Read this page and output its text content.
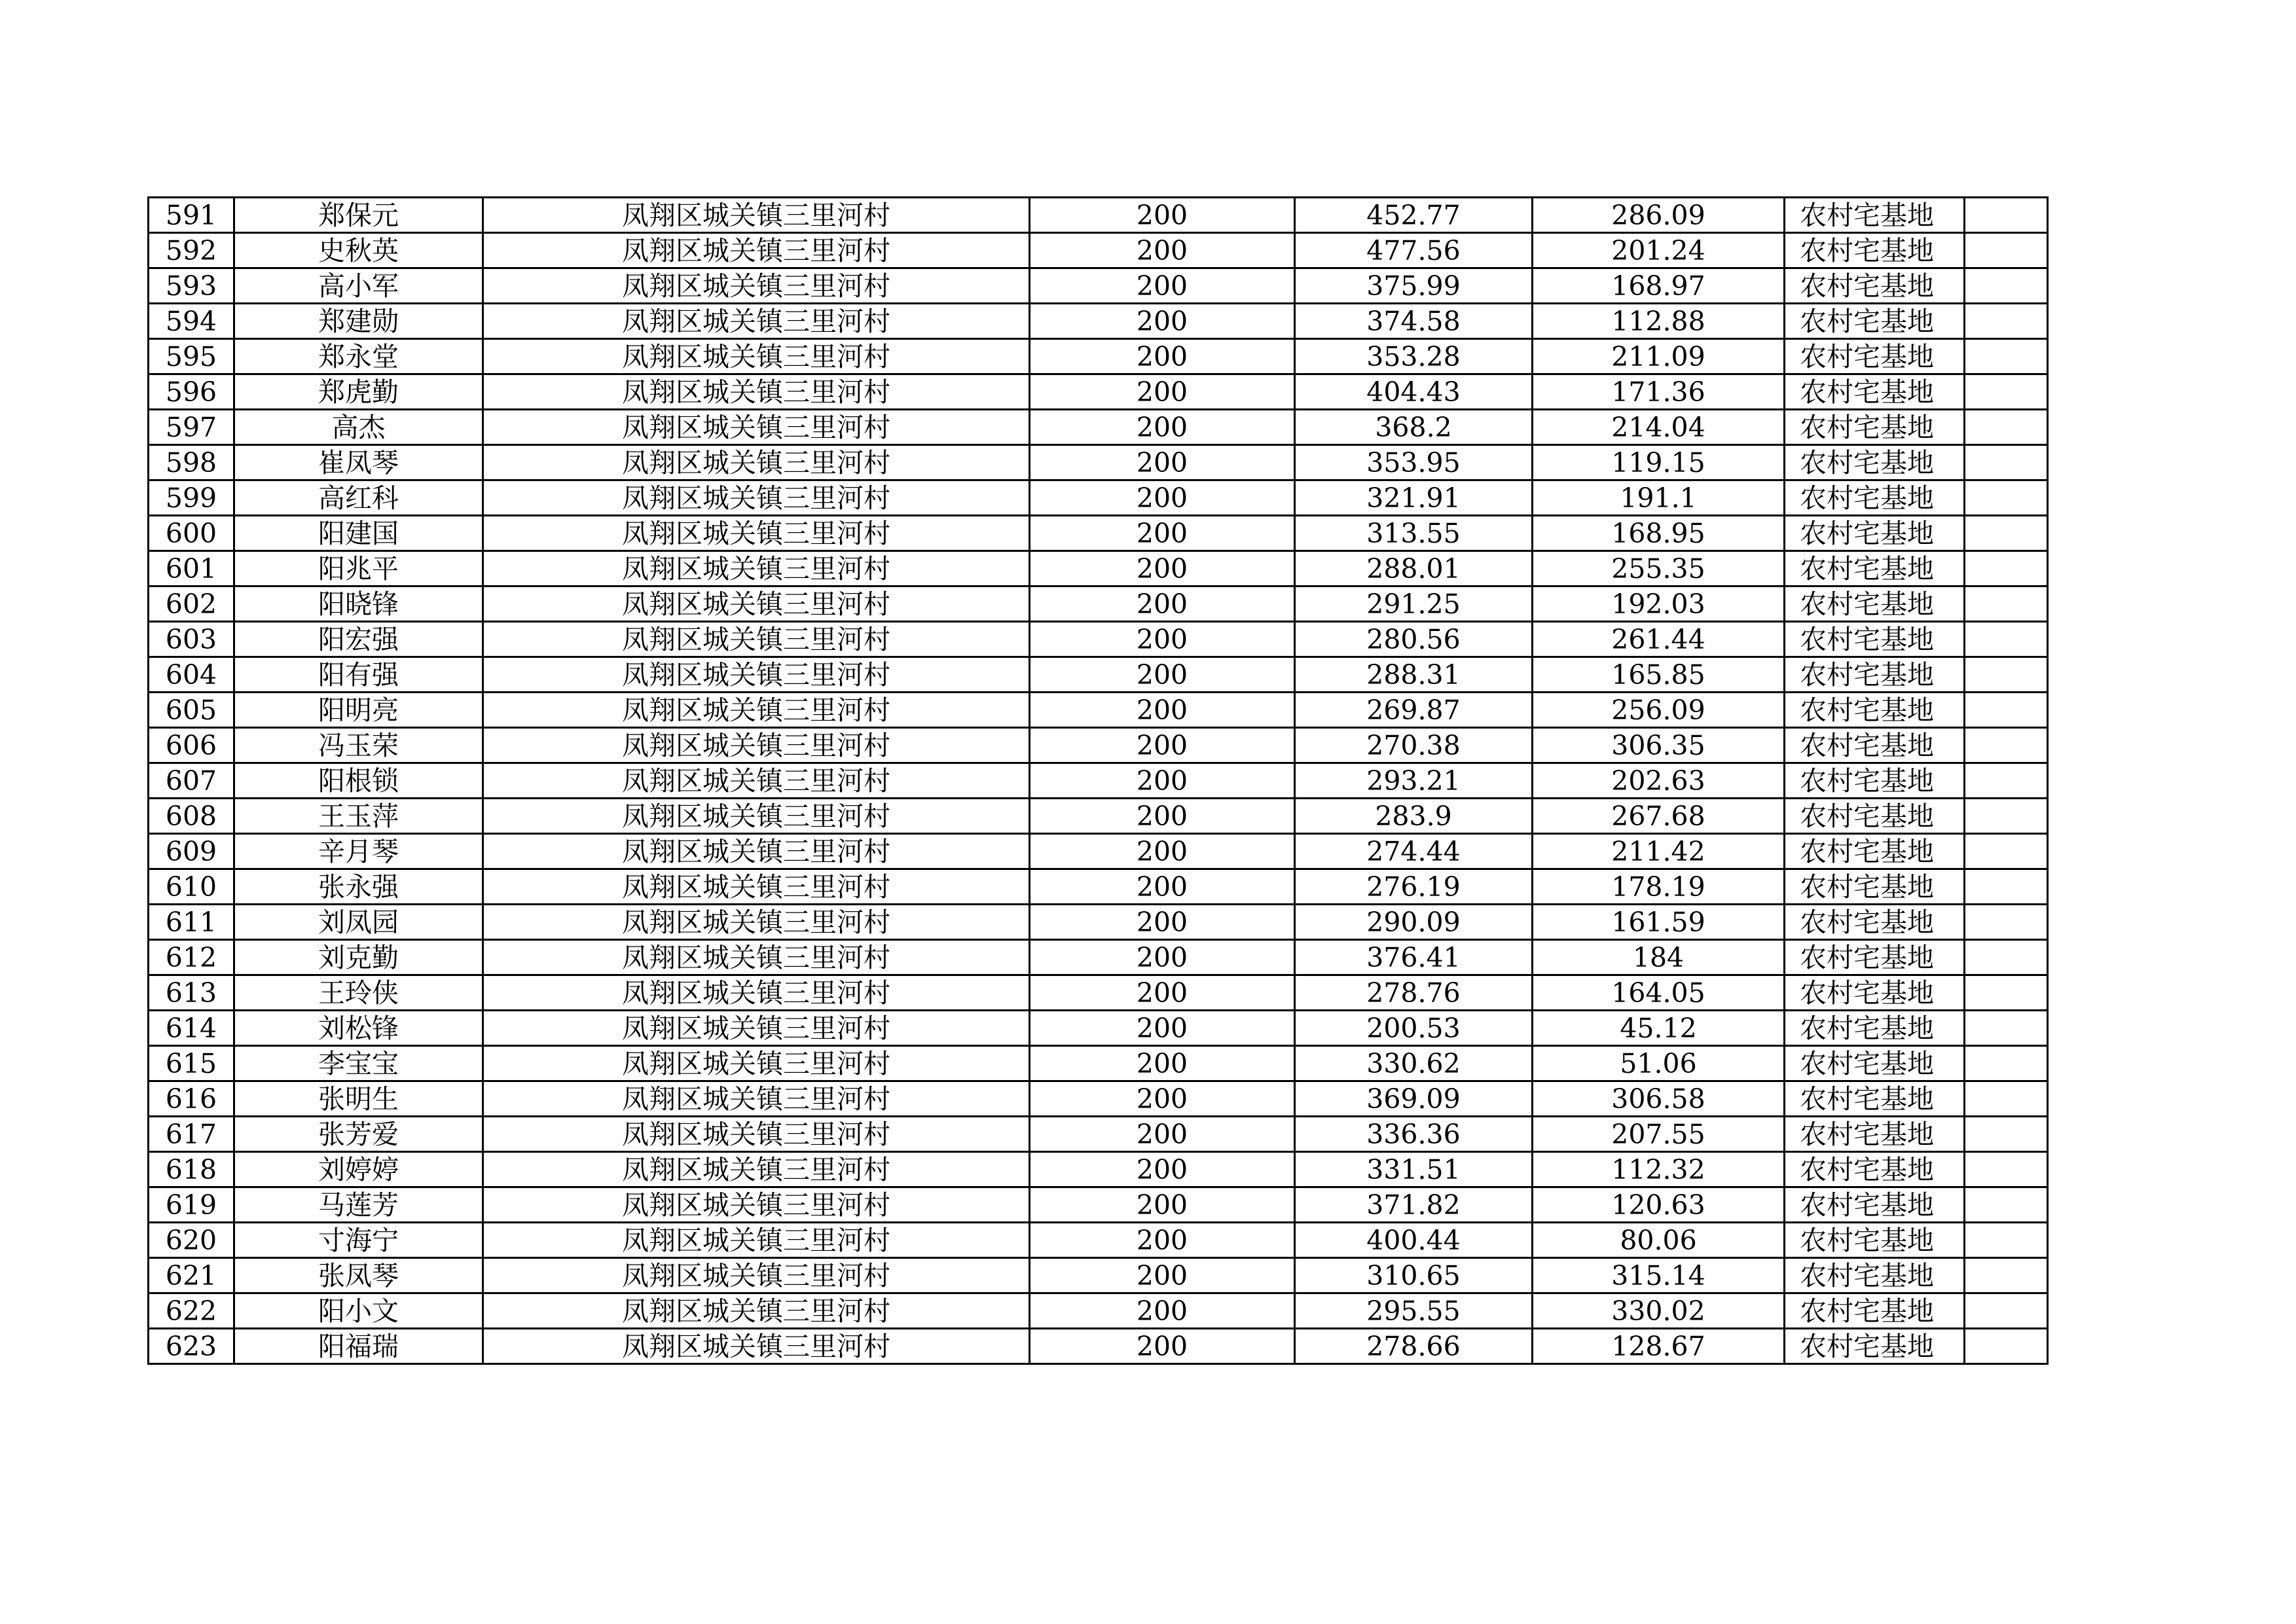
591	郑保元	凤翔区城关镇三里河村	200	452.77	286.09	农村宅基地	
592	史秋英	凤翔区城关镇三里河村	200	477.56	201.24	农村宅基地	
593	高小军	凤翔区城关镇三里河村	200	375.99	168.97	农村宅基地	
594	郑建勋	凤翔区城关镇三里河村	200	374.58	112.88	农村宅基地	
595	郑永堂	凤翔区城关镇三里河村	200	353.28	211.09	农村宅基地	
596	郑虎勤	凤翔区城关镇三里河村	200	404.43	171.36	农村宅基地	
597	高杰	凤翔区城关镇三里河村	200	368.2	214.04	农村宅基地	
598	崔凤琴	凤翔区城关镇三里河村	200	353.95	119.15	农村宅基地	
599	高红科	凤翔区城关镇三里河村	200	321.91	191.1	农村宅基地	
600	阳建国	凤翔区城关镇三里河村	200	313.55	168.95	农村宅基地	
601	阳兆平	凤翔区城关镇三里河村	200	288.01	255.35	农村宅基地	
602	阳晓锋	凤翔区城关镇三里河村	200	291.25	192.03	农村宅基地	
603	阳宏强	凤翔区城关镇三里河村	200	280.56	261.44	农村宅基地	
604	阳有强	凤翔区城关镇三里河村	200	288.31	165.85	农村宅基地	
605	阳明亮	凤翔区城关镇三里河村	200	269.87	256.09	农村宅基地	
606	冯玉荣	凤翔区城关镇三里河村	200	270.38	306.35	农村宅基地	
607	阳根锁	凤翔区城关镇三里河村	200	293.21	202.63	农村宅基地	
608	王玉萍	凤翔区城关镇三里河村	200	283.9	267.68	农村宅基地	
609	辛月琴	凤翔区城关镇三里河村	200	274.44	211.42	农村宅基地	
610	张永强	凤翔区城关镇三里河村	200	276.19	178.19	农村宅基地	
611	刘凤园	凤翔区城关镇三里河村	200	290.09	161.59	农村宅基地	
612	刘克勤	凤翔区城关镇三里河村	200	376.41	184	农村宅基地	
613	王玲侠	凤翔区城关镇三里河村	200	278.76	164.05	农村宅基地	
614	刘松锋	凤翔区城关镇三里河村	200	200.53	45.12	农村宅基地	
615	李宝宝	凤翔区城关镇三里河村	200	330.62	51.06	农村宅基地	
616	张明生	凤翔区城关镇三里河村	200	369.09	306.58	农村宅基地	
617	张芳爱	凤翔区城关镇三里河村	200	336.36	207.55	农村宅基地	
618	刘婷婷	凤翔区城关镇三里河村	200	331.51	112.32	农村宅基地	
619	马莲芳	凤翔区城关镇三里河村	200	371.82	120.63	农村宅基地	
620	寸海宁	凤翔区城关镇三里河村	200	400.44	80.06	农村宅基地	
621	张凤琴	凤翔区城关镇三里河村	200	310.65	315.14	农村宅基地	
622	阳小文	凤翔区城关镇三里河村	200	295.55	330.02	农村宅基地	
623	阳福瑞	凤翔区城关镇三里河村	200	278.66	128.67	农村宅基地	
